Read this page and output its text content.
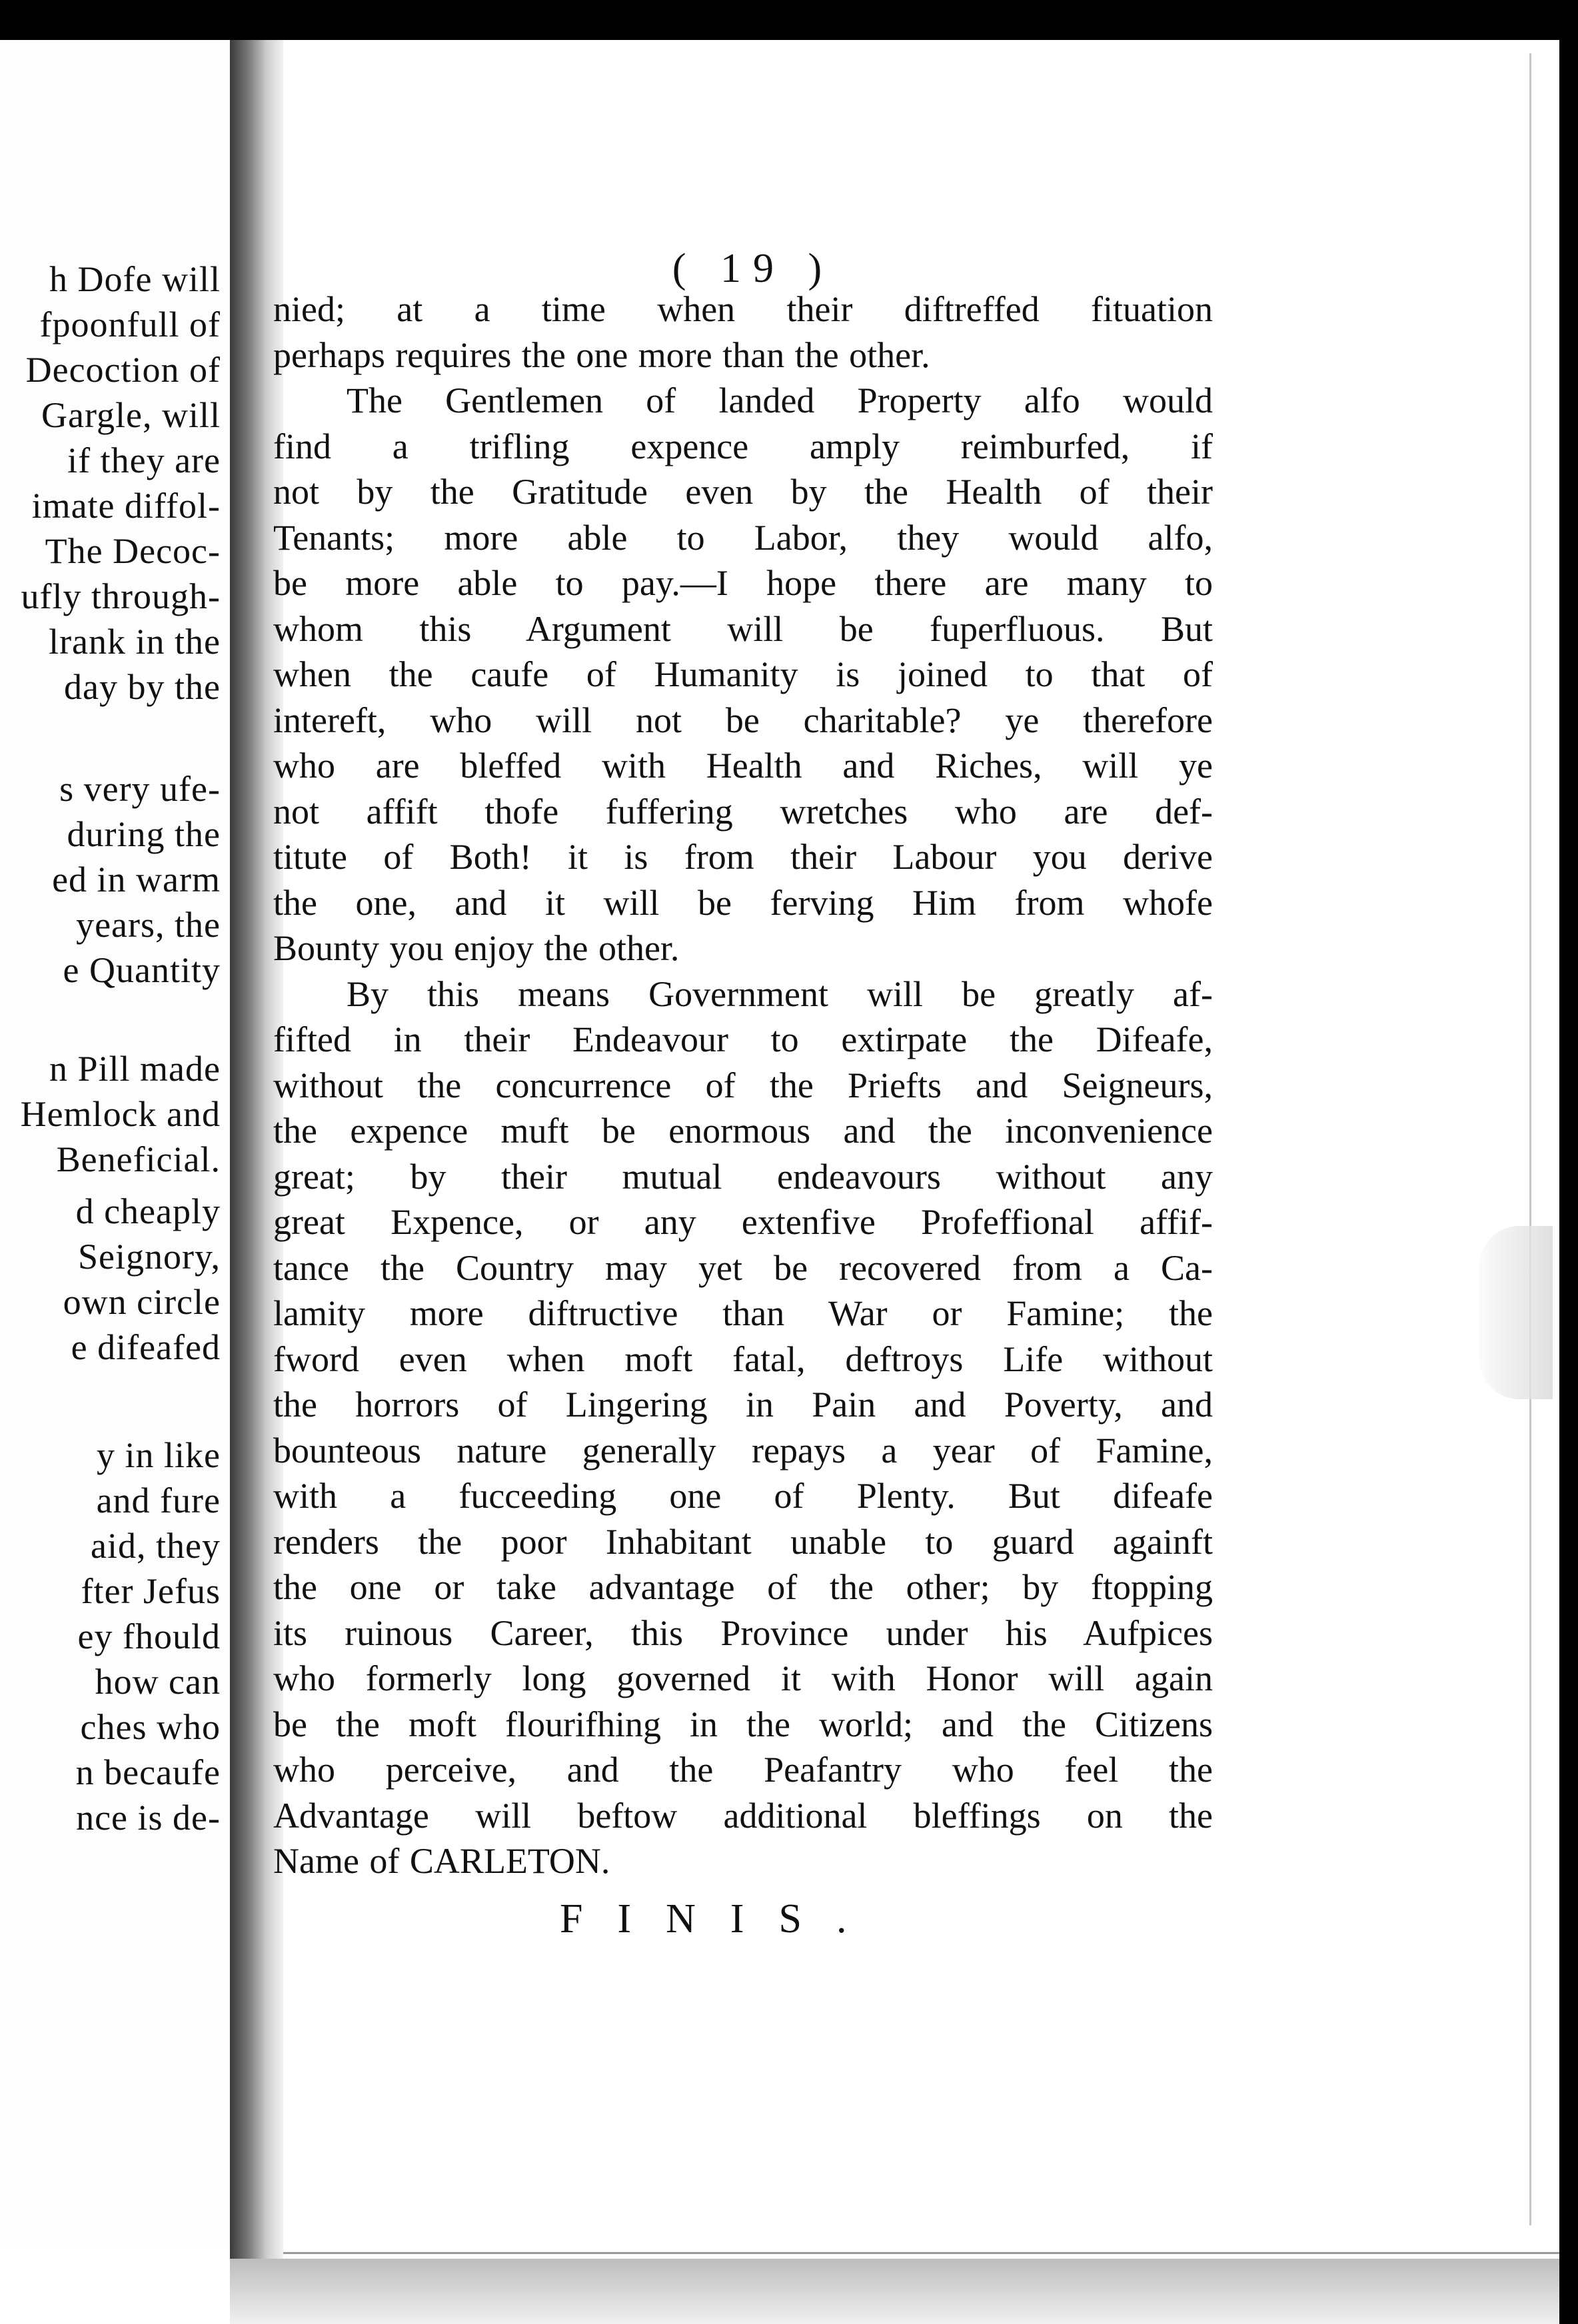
h Dofe will
fpoonfull of
Decoction of
Gargle, will
if they are
imate diffol-
The Decoc-
ufly through-
lrank in the
day by the
s very ufe-
during the
ed in warm
years, the
e Quantity
n Pill made
Hemlock and
Beneficial.
d cheaply
Seignory,
own circle
e difeafed
y in like
and fure
aid, they
fter Jefus
ey fhould
how can
ches who
n becaufe
nce is de-
( 19 )
nied; at a time when their diftreffed fituation
perhaps requires the one more than the other.
The Gentlemen of landed Property alfo would
find a trifling expence amply reimburfed, if
not by the Gratitude even by the Health of their
Tenants; more able to Labor, they would alfo,
be more able to pay.—I hope there are many to
whom this Argument will be fuperfluous. But
when the caufe of Humanity is joined to that of
intereft, who will not be charitable? ye therefore
who are bleffed with Health and Riches, will ye
not affift thofe fuffering wretches who are def-
titute of Both! it is from their Labour you derive
the one, and it will be ferving Him from whofe
Bounty you enjoy the other.
By this means Government will be greatly af-
fifted in their Endeavour to extirpate the Difeafe,
without the concurrence of the Priefts and Seigneurs,
the expence muft be enormous and the inconvenience
great; by their mutual endeavours without any
great Expence, or any extenfive Profeffional affif-
tance the Country may yet be recovered from a Ca-
lamity more diftructive than War or Famine; the
fword even when moft fatal, deftroys Life without
the horrors of Lingering in Pain and Poverty, and
bounteous nature generally repays a year of Famine,
with a fucceeding one of Plenty. But difeafe
renders the poor Inhabitant unable to guard againft
the one or take advantage of the other; by ftopping
its ruinous Career, this Province under his Aufpices
who formerly long governed it with Honor will again
be the moft flourifhing in the world; and the Citizens
who perceive, and the Peafantry who feel the
Advantage will beftow additional bleffings on the
Name of CARLETON.
FINIS.
